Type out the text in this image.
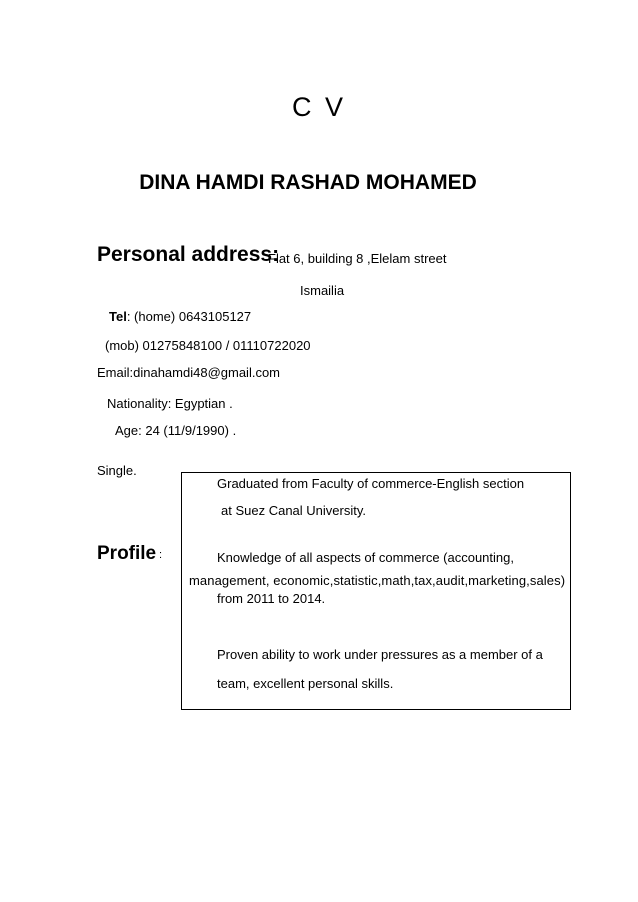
C V
DINA HAMDI RASHAD MOHAMED
Personal address:
Flat 6, building 8 ,Elelam street
Ismailia
Tel: (home) 0643105127
(mob) 01275848100 / 01110722020
Email:dinahamdi48@gmail.com
Nationality: Egyptian .
Age: 24 (11/9/1990) .
Single.
Profile :
Graduated from Faculty of commerce-English section
at Suez Canal University.
Knowledge of all aspects of commerce (accounting,
management, economic,statistic,math,tax,audit,marketing,sales)
from 2011 to 2014.
Proven ability to work under pressures as a member of a
team, excellent personal skills.
